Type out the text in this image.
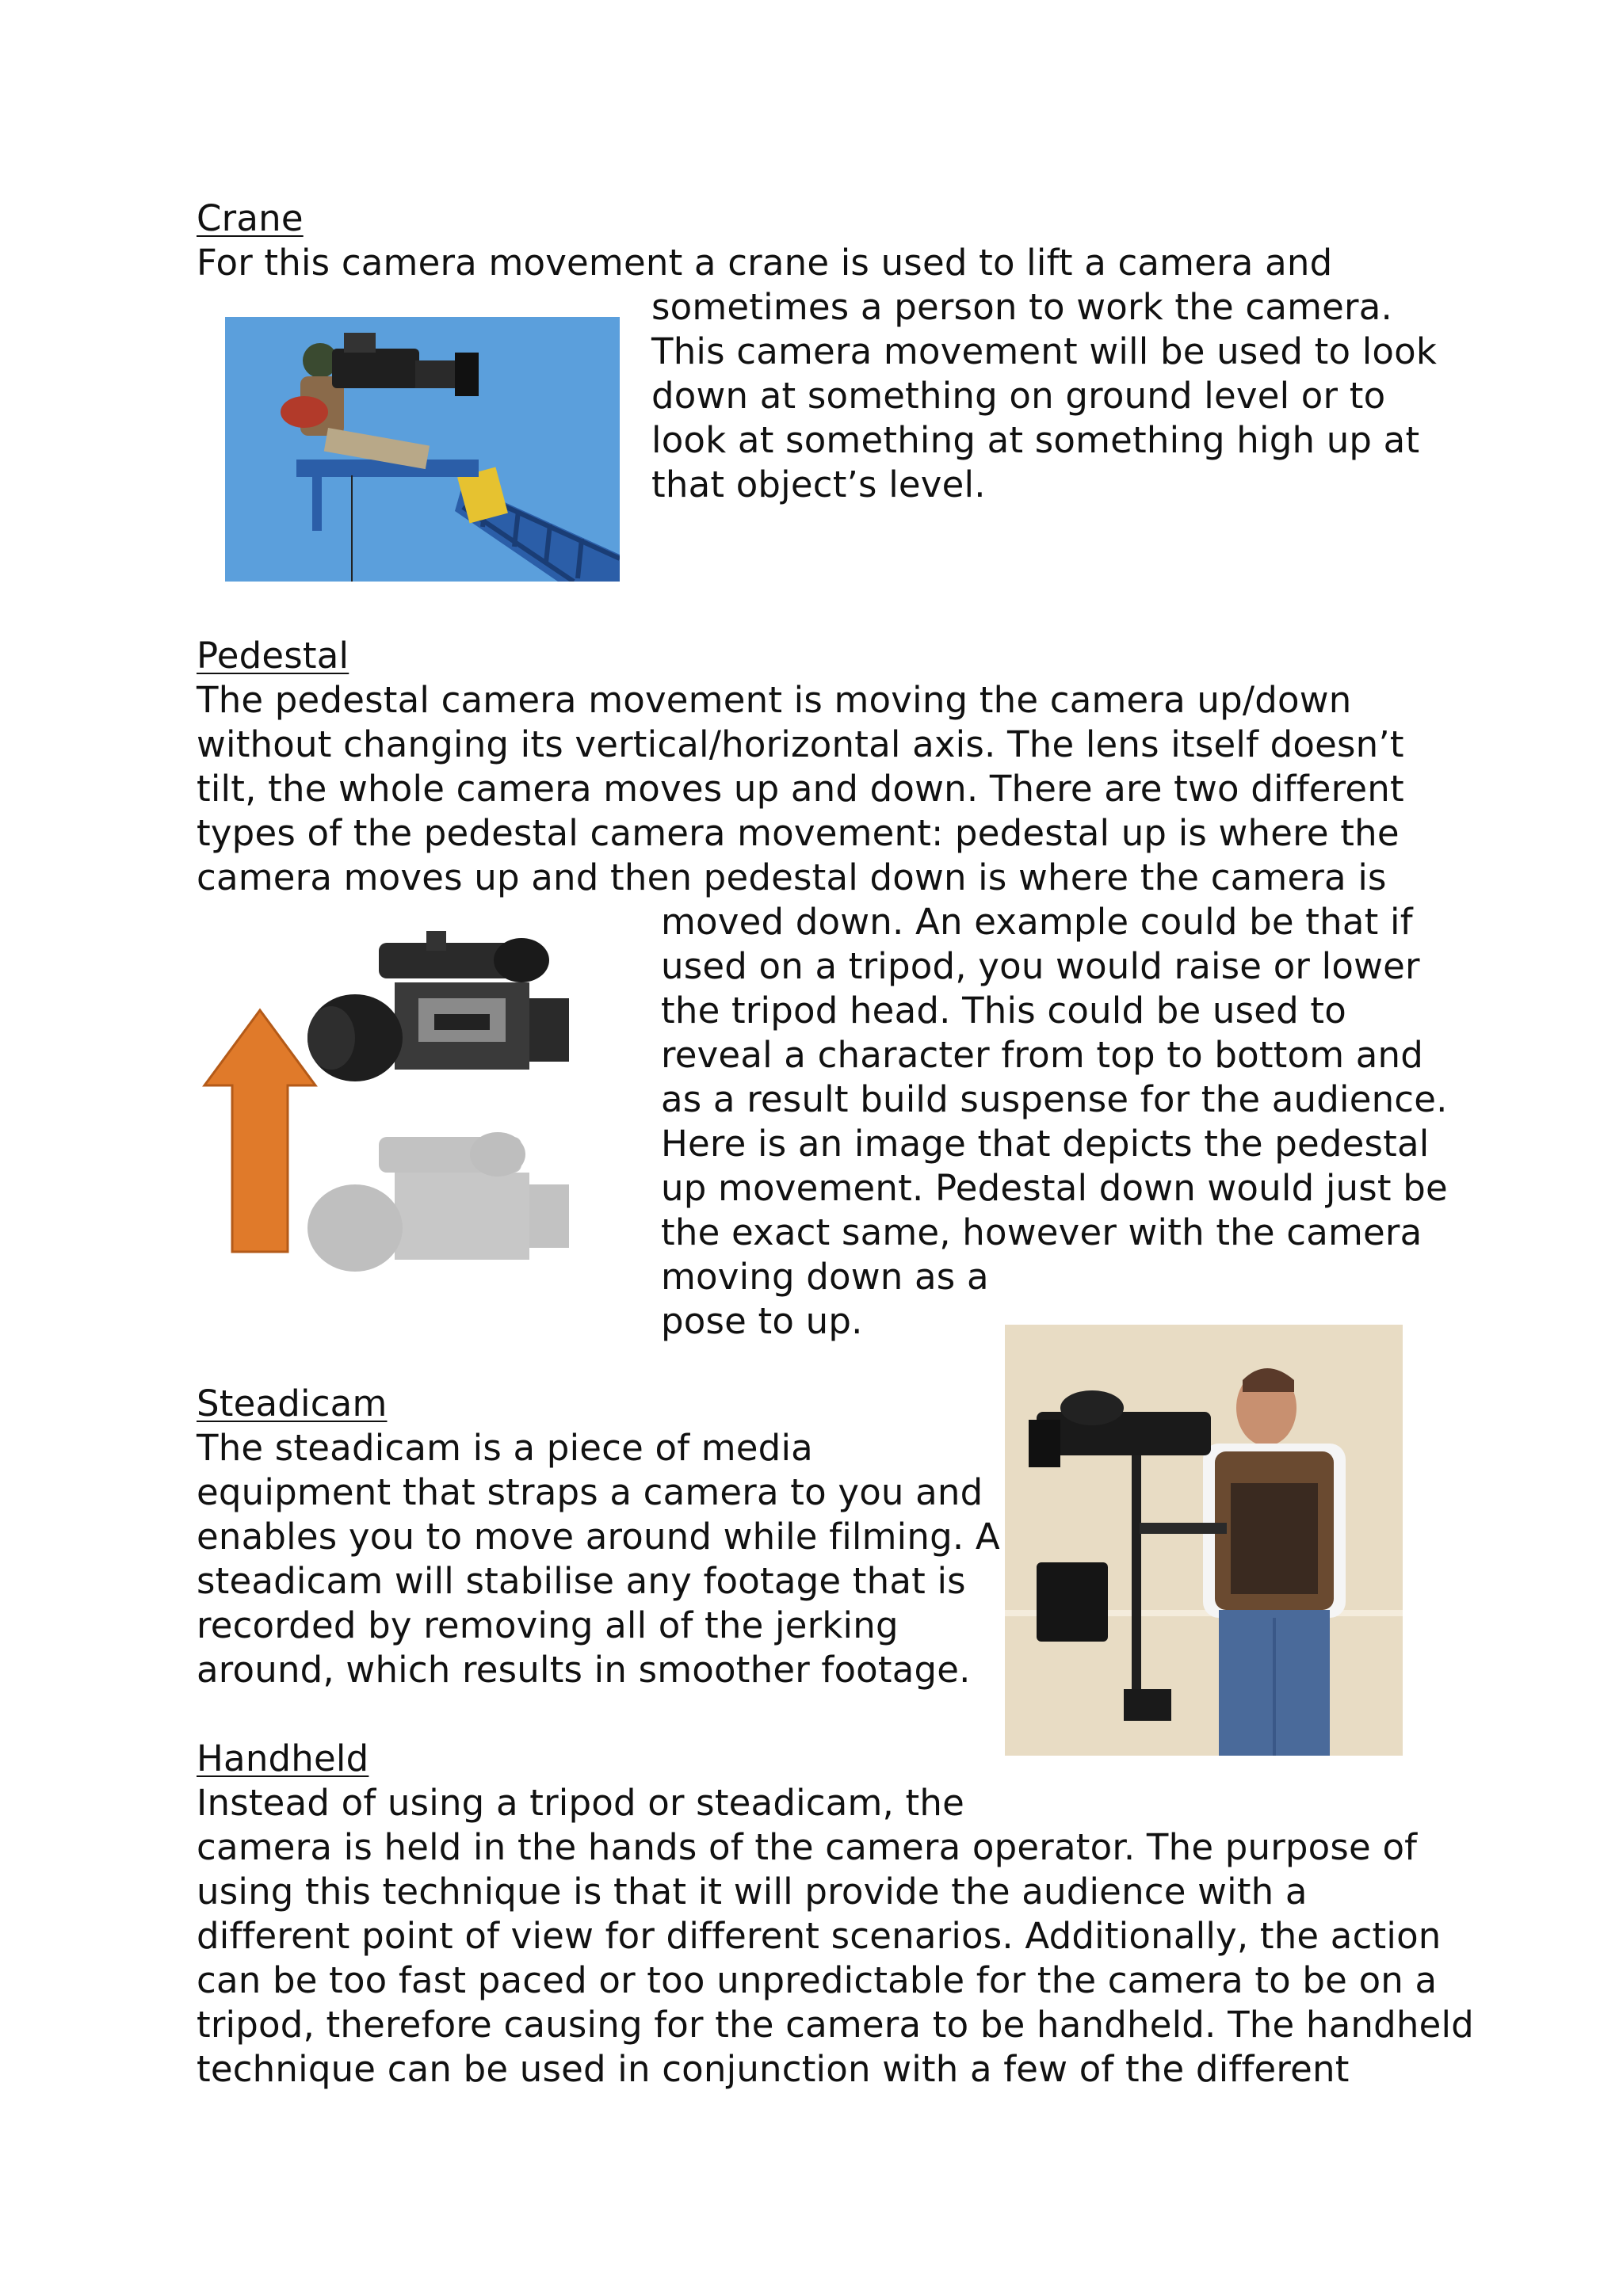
Crane
For this camera movement a crane is used to lift a camera and
sometimes a person to work the camera.
This camera movement will be used to look
down at something on ground level or to
look at something at something high up at
that object’s level.
Pedestal
The pedestal camera movement is moving the camera up/down
without changing its vertical/horizontal axis. The lens itself doesn’t
tilt, the whole camera moves up and down. There are two different
types of the pedestal camera movement: pedestal up is where the
camera moves up and then pedestal down is where the camera is
moved down. An example could be that if
used on a tripod, you would raise or lower
the tripod head. This could be used to
reveal a character from top to bottom and
as a result build suspense for the audience.
Here is an image that depicts the pedestal
up movement. Pedestal down would just be
the exact same, however with the camera
moving down as a
pose to up.
Steadicam
The steadicam is a piece of media
equipment that straps a camera to you and
enables you to move around while filming. A
steadicam will stabilise any footage that is
recorded by removing all of the jerking
around, which results in smoother footage.
Handheld
Instead of using a tripod or steadicam, the
camera is held in the hands of the camera operator. The purpose of
using this technique is that it will provide the audience with a
different point of view for different scenarios. Additionally, the action
can be too fast paced or too unpredictable for the camera to be on a
tripod, therefore causing for the camera to be handheld. The handheld
technique can be used in conjunction with a few of the different
